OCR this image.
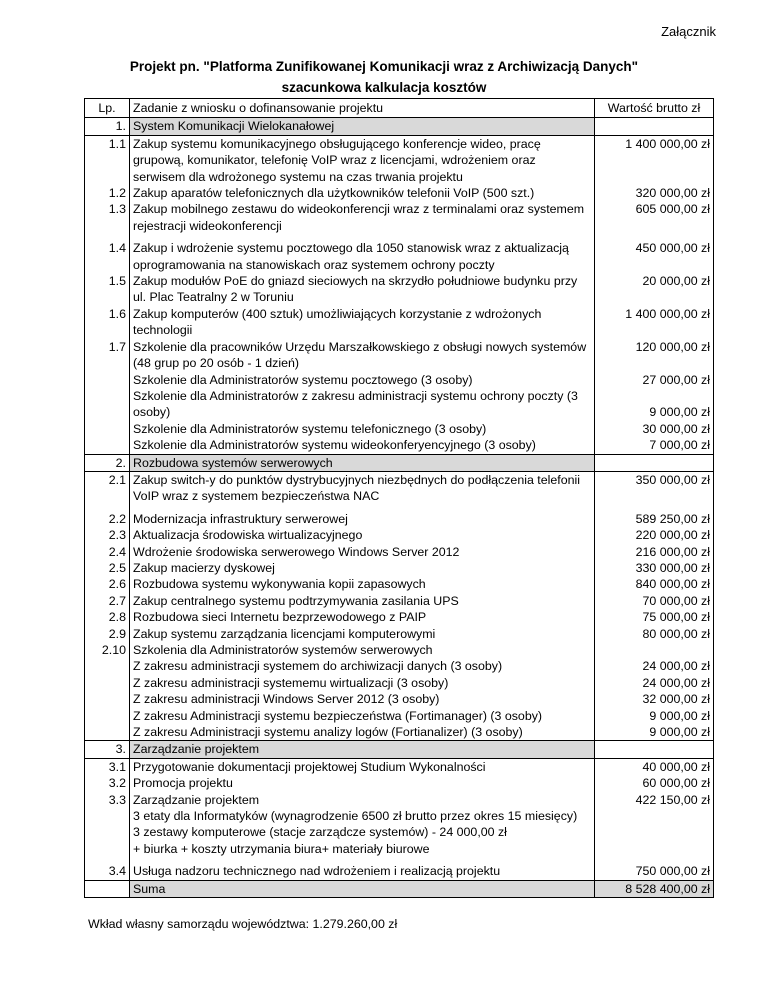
Załącznik
Projekt pn. "Platforma Zunifikowanej Komunikacji wraz z Archiwizacją Danych"
szacunkowa kalkulacja kosztów
Lp.	Zadanie z wniosku o dofinansowanie projektu	Wartość brutto zł
1.	System Komunikacji Wielokanałowej	
1.1	Zakup systemu komunikacyjnego obsługującego konferencje wideo, pracę grupową, komunikator, telefonię VoIP wraz z licencjami, wdrożeniem oraz serwisem dla wdrożonego systemu na czas trwania projektu	1 400 000,00 zł
1.2	Zakup aparatów telefonicznych dla użytkowników telefonii VoIP (500 szt.)	320 000,00 zł
1.3	Zakup mobilnego zestawu do wideokonferencji wraz z terminalami oraz systemem rejestracji wideokonferencji	605 000,00 zł

1.4	Zakup i wdrożenie systemu pocztowego dla 1050 stanowisk wraz z aktualizacją oprogramowania na stanowiskach oraz systemem ochrony poczty	450 000,00 zł
1.5	Zakup modułów PoE do gniazd sieciowych na skrzydło południowe budynku przy ul. Plac Teatralny 2 w Toruniu	20 000,00 zł
1.6	Zakup komputerów (400 sztuk) umożliwiających korzystanie z wdrożonych technologii	1 400 000,00 zł
1.7	Szkolenie dla pracowników Urzędu Marszałkowskiego z obsługi nowych systemów (48 grup po 20 osób - 1 dzień)	120 000,00 zł
	Szkolenie dla Administratorów systemu pocztowego (3 osoby)	27 000,00 zł
	Szkolenie dla Administratorów z zakresu administracji systemu ochrony poczty (3 osoby)	9 000,00 zł
	Szkolenie dla Administratorów systemu telefonicznego (3 osoby)	30 000,00 zł
	Szkolenie dla Administratorów systemu wideokonferyencyjnego (3 osoby)	7 000,00 zł
2.	Rozbudowa systemów serwerowych	
2.1	Zakup switch-y do punktów dystrybucyjnych niezbędnych do podłączenia telefonii VoIP wraz z systemem bezpieczeństwa NAC	350 000,00 zł

2.2	Modernizacja infrastruktury serwerowej	589 250,00 zł
2.3	Aktualizacja środowiska wirtualizacyjnego	220 000,00 zł
2.4	Wdrożenie środowiska serwerowego Windows Server 2012	216 000,00 zł
2.5	Zakup macierzy dyskowej	330 000,00 zł
2.6	Rozbudowa systemu wykonywania kopii zapasowych	840 000,00 zł
2.7	Zakup centralnego systemu podtrzymywania zasilania UPS	70 000,00 zł
2.8	Rozbudowa sieci Internetu bezprzewodowego z PAIP	75 000,00 zł
2.9	Zakup systemu zarządzania licencjami komputerowymi	80 000,00 zł
2.10	Szkolenia dla Administratorów systemów serwerowych	
	Z zakresu administracji systemem do archiwizacji danych (3 osoby)	24 000,00 zł
	Z zakresu administracji systememu wirtualizacji (3 osoby)	24 000,00 zł
	Z zakresu administracji Windows Server 2012 (3 osoby)	32 000,00 zł
	Z zakresu Administracji systemu bezpieczeństwa (Fortimanager) (3 osoby)	9 000,00 zł
	Z zakresu Administracji systemu analizy logów (Fortianalizer) (3 osoby)	9 000,00 zł
3.	Zarządzanie projektem	
3.1	Przygotowanie dokumentacji projektowej Studium Wykonalności	40 000,00 zł
3.2	Promocja projektu	60 000,00 zł
3.3	Zarządzanie projektem
3 etaty dla Informatyków (wynagrodzenie 6500 zł brutto przez okres 15 miesięcy)
3 zestawy komputerowe (stacje zarządcze systemów) - 24 000,00 zł
+ biurka + koszty utrzymania biura+ materiały biurowe	422 150,00 zł

3.4	Usługa nadzoru technicznego nad wdrożeniem i realizacją projektu	750 000,00 zł
	Suma	8 528 400,00 zł
Wkład własny samorządu województwa: 1.279.260,00 zł
